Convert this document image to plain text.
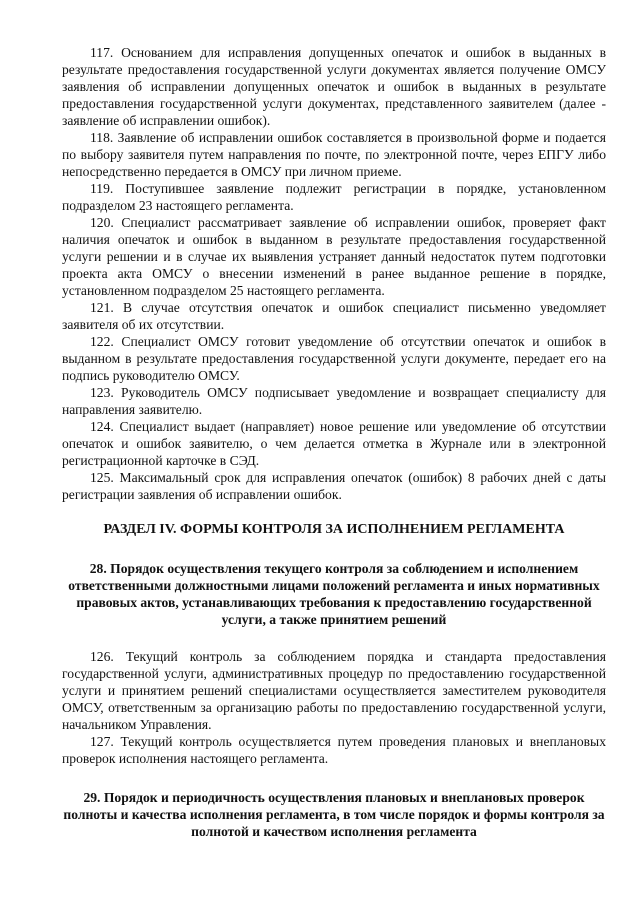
117. Основанием для исправления допущенных опечаток и ошибок в выданных в результате предоставления государственной услуги документах является получение ОМСУ заявления об исправлении допущенных опечаток и ошибок в выданных в результате предоставления государственной услуги документах, представленного заявителем (далее - заявление об исправлении ошибок).

118. Заявление об исправлении ошибок составляется в произвольной форме и подается по выбору заявителя путем направления по почте, по электронной почте, через ЕПГУ либо непосредственно передается в ОМСУ при личном приеме.

119. Поступившее заявление подлежит регистрации в порядке, установленном подразделом 23 настоящего регламента.

120. Специалист рассматривает заявление об исправлении ошибок, проверяет факт наличия опечаток и ошибок в выданном в результате предоставления государственной услуги решении и в случае их выявления устраняет данный недостаток путем подготовки проекта акта ОМСУ о внесении изменений в ранее выданное решение в порядке, установленном подразделом 25 настоящего регламента.

121. В случае отсутствия опечаток и ошибок специалист письменно уведомляет заявителя об их отсутствии.

122. Специалист ОМСУ готовит уведомление об отсутствии опечаток и ошибок в выданном в результате предоставления государственной услуги документе, передает его на подпись руководителю ОМСУ.

123. Руководитель ОМСУ подписывает уведомление и возвращает специалисту для направления заявителю.

124. Специалист выдает (направляет) новое решение или уведомление об отсутствии опечаток и ошибок заявителю, о чем делается отметка в Журнале или в электронной регистрационной карточке в СЭД.

125. Максимальный срок для исправления опечаток (ошибок) 8 рабочих дней с даты регистрации заявления об исправлении ошибок.

РАЗДЕЛ IV. ФОРМЫ КОНТРОЛЯ ЗА ИСПОЛНЕНИЕМ РЕГЛАМЕНТА
28. Порядок осуществления текущего контроля за соблюдением и исполнением ответственными должностными лицами положений регламента и иных нормативных правовых актов, устанавливающих требования к предоставлению государственной услуги, а также принятием решений

126. Текущий контроль за соблюдением порядка и стандарта предоставления государственной услуги, административных процедур по предоставлению государственной услуги и принятием решений специалистами осуществляется заместителем руководителя ОМСУ, ответственным за организацию работы по предоставлению государственной услуги, начальником Управления.

127. Текущий контроль осуществляется путем проведения плановых и внеплановых проверок исполнения настоящего регламента.

29. Порядок и периодичность осуществления плановых и внеплановых проверок полноты и качества исполнения регламента, в том числе порядок и формы контроля за полнотой и качеством исполнения регламента
